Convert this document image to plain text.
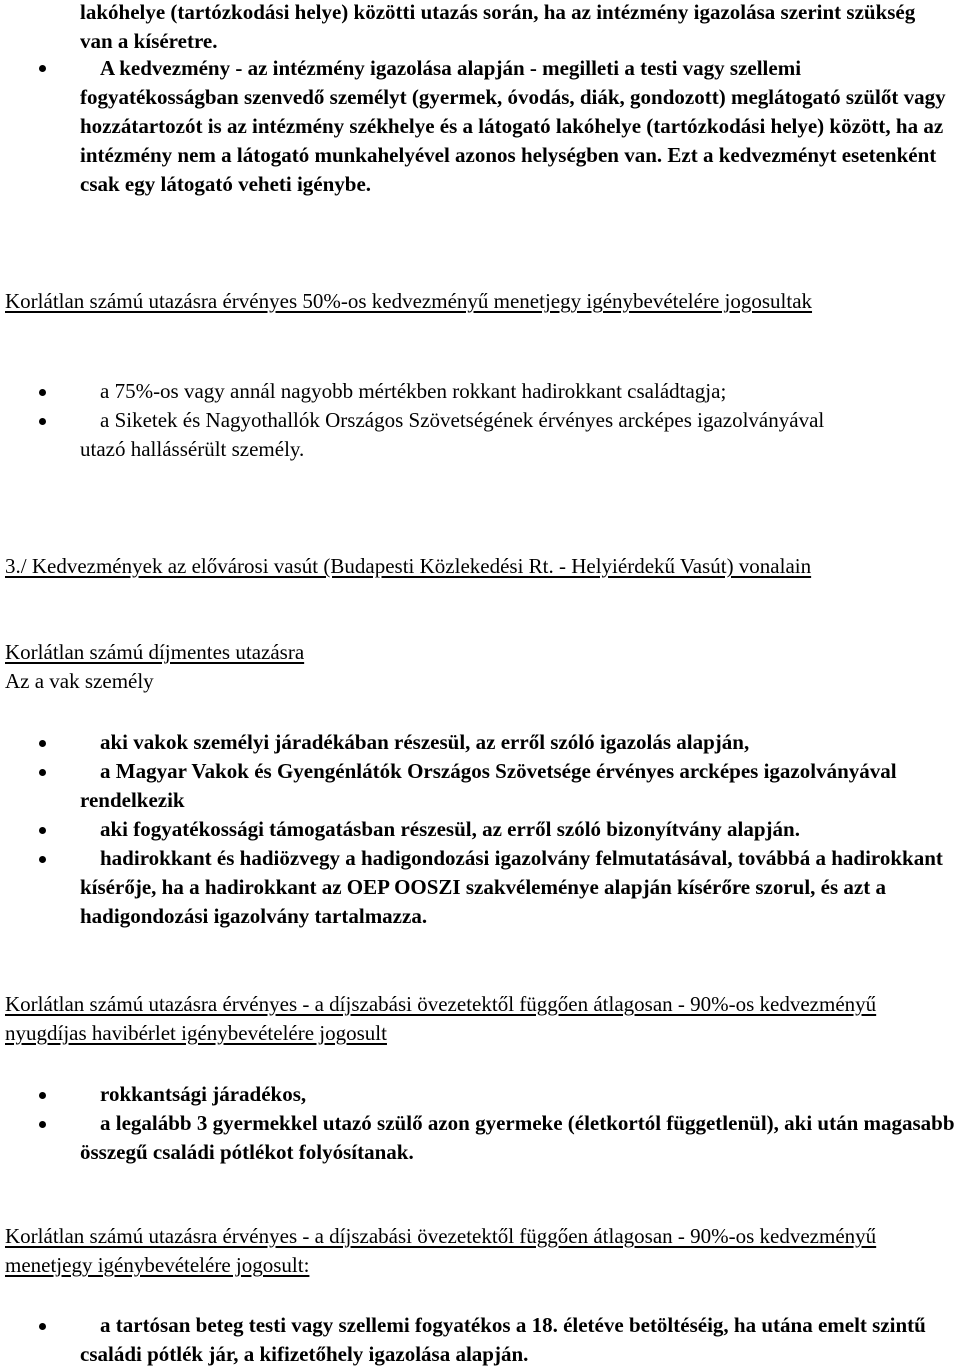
lakóhelye (tartózkodási helye) közötti utazás során, ha az intézmény igazolása szerint szükség van a kíséretre.

A kedvezmény - az intézmény igazolása alapján - megilleti a testi vagy szellemi fogyatékosságban szenvedő személyt (gyermek, óvodás, diák, gondozott) meglátogató szülőt vagy hozzátartozót is az intézmény székhelye és a látogató lakóhelye (tartózkodási helye) között, ha az intézmény nem a látogató munkahelyével azonos helységben van. Ezt a kedvezményt esetenként csak egy látogató veheti igénybe.

Korlátlan számú utazásra érvényes 50%-os kedvezményű menetjegy igénybevételére jogosultak

a 75%-os vagy annál nagyobb mértékben rokkant hadirokkant családtagja;

a Siketek és Nagyothallók Országos Szövetségének érvényes arcképes igazolványával utazó hallássérült személy.

3./ Kedvezmények az elővárosi vasút (Budapesti Közlekedési Rt. - Helyiérdekű Vasút) vonalain

Korlátlan számú díjmentes utazásra

Az a vak személy

aki vakok személyi járadékában részesül, az erről szóló igazolás alapján,

a Magyar Vakok és Gyengénlátók Országos Szövetsége érvényes arcképes igazolványával rendelkezik

aki fogyatékossági támogatásban részesül, az erről szóló bizonyítvány alapján.

hadirokkant és hadiözvegy a hadigondozási igazolvány felmutatásával, továbbá a hadirokkant kísérője, ha a hadirokkant az OEP OOSZI szakvéleménye alapján kísérőre szorul, és azt a hadigondozási igazolvány tartalmazza.

Korlátlan számú utazásra érvényes - a díjszabási övezetektől függően átlagosan - 90%-os kedvezményű nyugdíjas havibérlet igénybevételére jogosult

rokkantsági járadékos,

a legalább 3 gyermekkel utazó szülő azon gyermeke (életkortól függetlenül), aki után magasabb összegű családi pótlékot folyósítanak.

Korlátlan számú utazásra érvényes - a díjszabási övezetektől függően átlagosan - 90%-os kedvezményű menetjegy igénybevételére jogosult:

a tartósan beteg testi vagy szellemi fogyatékos a 18. életéve betöltéséig, ha utána emelt szintű családi pótlék jár, a kifizetőhely igazolása alapján.
